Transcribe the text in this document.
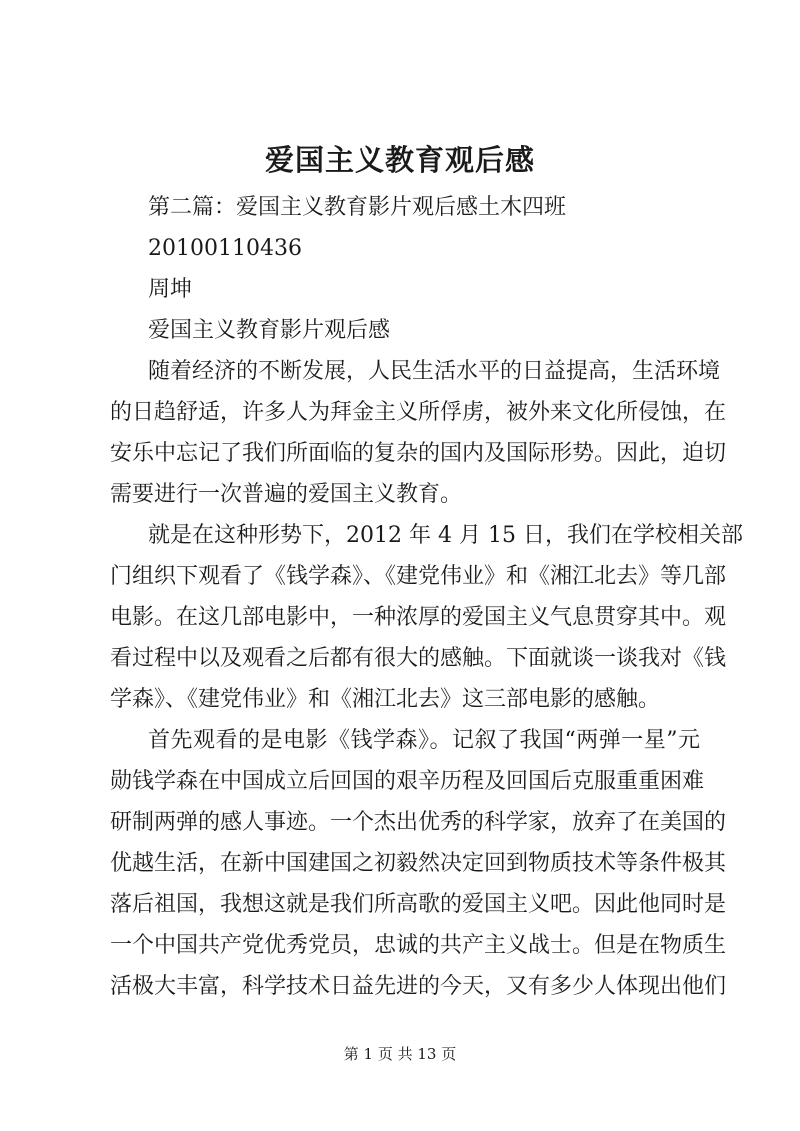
爱国主义教育观后感
第二篇：爱国主义教育影片观后感土木四班
20100110436
周坤
爱国主义教育影片观后感
随着经济的不断发展，人民生活水平的日益提高，生活环境
的日趋舒适，许多人为拜金主义所俘虏，被外来文化所侵蚀，在
安乐中忘记了我们所面临的复杂的国内及国际形势。因此，迫切
需要进行一次普遍的爱国主义教育。
就是在这种形势下，2012 年 4 月 15 日，我们在学校相关部
门组织下观看了《钱学森》、《建党伟业》和《湘江北去》等几部
电影。在这几部电影中，一种浓厚的爱国主义气息贯穿其中。观
看过程中以及观看之后都有很大的感触。下面就谈一谈我对《钱
学森》、《建党伟业》和《湘江北去》这三部电影的感触。
首先观看的是电影《钱学森》。记叙了我国“两弹一星”元
勋钱学森在中国成立后回国的艰辛历程及回国后克服重重困难
研制两弹的感人事迹。一个杰出优秀的科学家，放弃了在美国的
优越生活，在新中国建国之初毅然决定回到物质技术等条件极其
落后祖国，我想这就是我们所高歌的爱国主义吧。因此他同时是
一个中国共产党优秀党员，忠诚的共产主义战士。但是在物质生
活极大丰富，科学技术日益先进的今天，又有多少人体现出他们
第 1 页 共 13 页
